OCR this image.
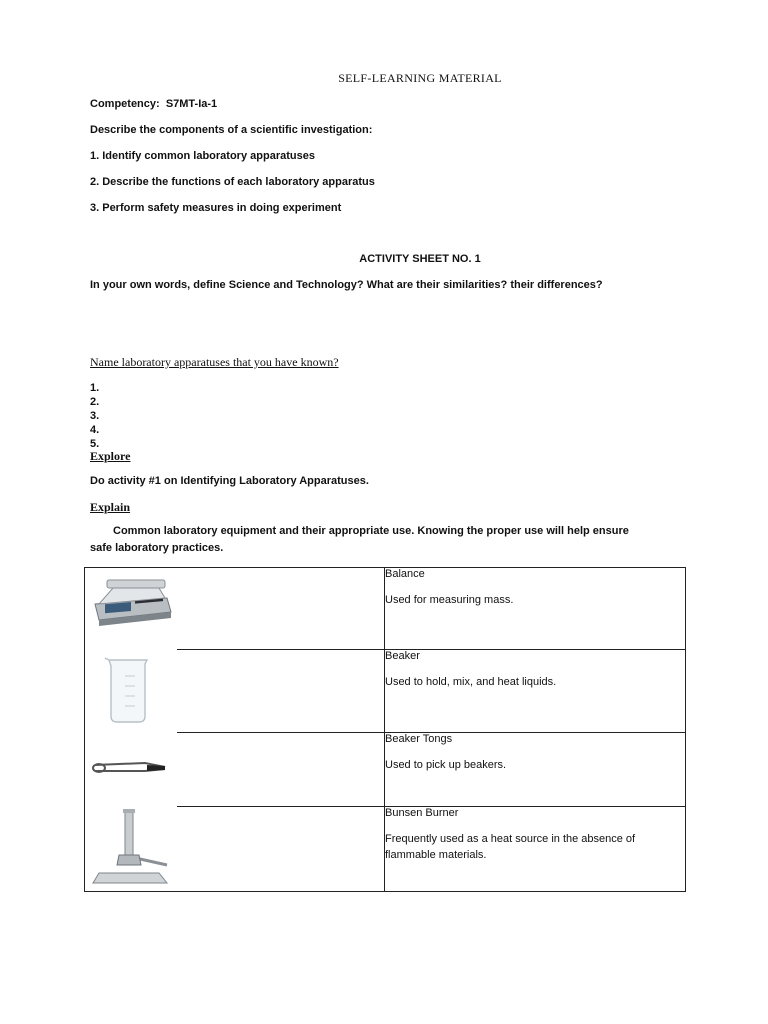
SELF-LEARNING MATERIAL
Competency: S7MT-Ia-1
Describe the components of a scientific investigation:
1. Identify common laboratory apparatuses
2. Describe the functions of each laboratory apparatus
3. Perform safety measures in doing experiment
ACTIVITY SHEET NO. 1
In your own words, define Science and Technology? What are their similarities? their differences?
Name laboratory apparatuses that you have known?
1.
2.
3.
4.
5.
Explore
Do activity #1 on Identifying Laboratory Apparatuses.
Explain
Common laboratory equipment and their appropriate use. Knowing the proper use will help ensure
safe laboratory practices.

Balance
Used for measuring mass.

Beaker
Used to hold, mix, and heat liquids.

Beaker Tongs
Used to pick up beakers.

Bunsen Burner
Frequently used as a heat source in the absence of flammable materials.
